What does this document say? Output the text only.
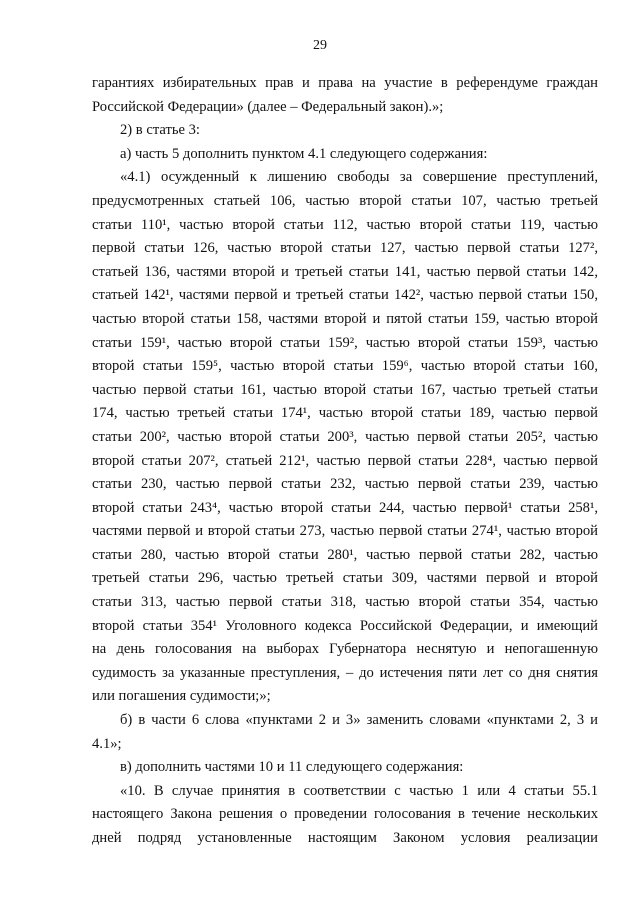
29
гарантиях избирательных прав и права на участие в референдуме граждан
Российской Федерации» (далее – Федеральный закон).»;
2) в статье 3:
а) часть 5 дополнить пунктом 4.1 следующего содержания:
«4.1) осужденный к лишению свободы за совершение преступлений,
предусмотренных статьей 106, частью второй статьи 107, частью третьей
статьи 110¹, частью второй статьи 112, частью второй статьи 119, частью
первой статьи 126, частью второй статьи 127, частью первой статьи 127²,
статьей 136, частями второй и третьей статьи 141, частью первой статьи 142,
статьей 142¹, частями первой и третьей статьи 142², частью первой статьи 150,
частью второй статьи 158, частями второй и пятой статьи 159, частью второй
статьи 159¹, частью второй статьи 159², частью второй статьи 159³, частью
второй статьи 159⁵, частью второй статьи 159⁶, частью второй статьи 160,
частью первой статьи 161, частью второй статьи 167, частью третьей статьи
174, частью третьей статьи 174¹, частью второй статьи 189, частью первой
статьи 200², частью второй статьи 200³, частью первой статьи 205², частью
второй статьи 207², статьей 212¹, частью первой статьи 228⁴, частью первой
статьи 230, частью первой статьи 232, частью первой статьи 239, частью
второй статьи 243⁴, частью второй статьи 244, частью первой¹ статьи 258¹,
частями первой и второй статьи 273, частью первой статьи 274¹, частью второй
статьи 280, частью второй статьи 280¹, частью первой статьи 282, частью
третьей статьи 296, частью третьей статьи 309, частями первой и второй
статьи 313, частью первой статьи 318, частью второй статьи 354, частью
второй статьи 354¹ Уголовного кодекса Российской Федерации, и имеющий
на день голосования на выборах Губернатора неснятую и непогашенную
судимость за указанные преступления, – до истечения пяти лет со дня снятия
или погашения судимости;»;
б) в части 6 слова «пунктами 2 и 3» заменить словами «пунктами 2, 3 и
4.1»;
в) дополнить частями 10 и 11 следующего содержания:
«10. В случае принятия в соответствии с частью 1 или 4 статьи 55.1
настоящего Закона решения о проведении голосования в течение нескольких
дней подряд установленные настоящим Законом условия реализации
